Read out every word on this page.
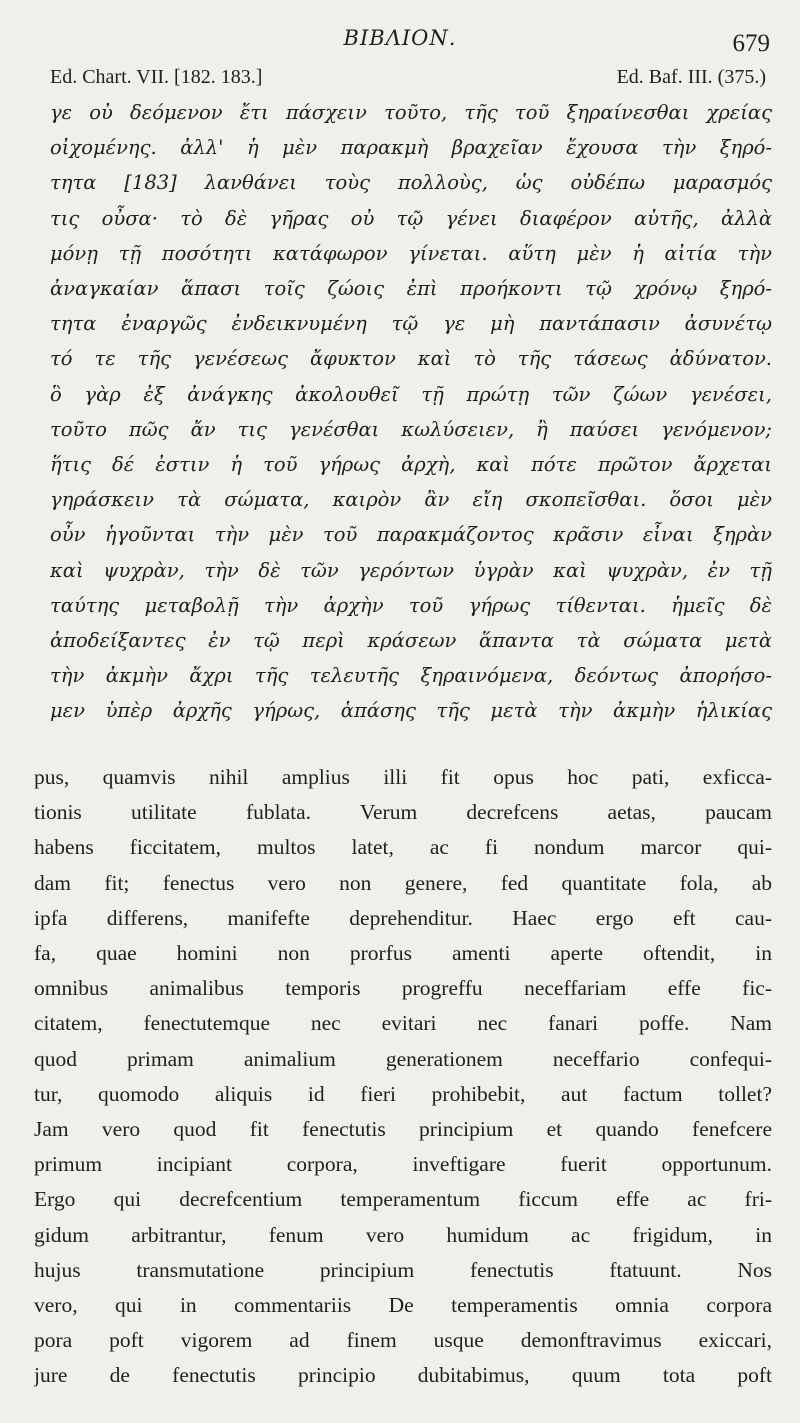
ΒΙΒΛΙΟΝ.	679
Ed. Chart. VII. [182. 183.]	Ed. Baf. III. (375.)
γε οὐ δεόμενον ἔτι πάσχειν τοῦτο, τῆς τοῦ ξηραίνεσθαι χρείας
οἰχομένης. ἀλλ' ἡ μὲν παρακμὴ βραχεῖαν ἔχουσα τὴν ξηρό-
τητα [183] λανθάνει τοὺς πολλοὺς, ὡς οὐδέπω μαρασμός
τις οὖσα· τὸ δὲ γῆρας οὐ τῷ γένει διαφέρον αὐτῆς, ἀλλὰ
μόνῃ τῇ ποσότητι κατάφωρον γίνεται. αὕτη μὲν ἡ αἰτία τὴν
ἀναγκαίαν ἅπασι τοῖς ζώοις ἐπὶ προήκοντι τῷ χρόνῳ ξηρό-
τητα ἐναργῶς ἐνδεικνυμένη τῷ γε μὴ παντάπασιν ἀσυνέτῳ
τό τε τῆς γενέσεως ἄφυκτον καὶ τὸ τῆς τάσεως ἀδύνατον.
ὃ γὰρ ἐξ ἀνάγκης ἀκολουθεῖ τῇ πρώτῃ τῶν ζώων γενέσει,
τοῦτο πῶς ἄν τις γενέσθαι κωλύσειεν, ἢ παύσει γενόμενον;
ἥτις δέ ἐστιν ἡ τοῦ γήρως ἀρχὴ, καὶ πότε πρῶτον ἄρχεται
γηράσκειν τὰ σώματα, καιρὸν ἂν εἴη σκοπεῖσθαι. ὅσοι μὲν
οὖν ἡγοῦνται τὴν μὲν τοῦ παρακμάζοντος κρᾶσιν εἶναι ξηρὰν
καὶ ψυχρὰν, τὴν δὲ τῶν γερόντων ὑγρὰν καὶ ψυχρὰν, ἐν τῇ
ταύτης μεταβολῇ τὴν ἀρχὴν τοῦ γήρως τίθενται. ἡμεῖς δὲ
ἀποδείξαντες ἐν τῷ περὶ κράσεων ἅπαντα τὰ σώματα μετὰ
τὴν ἀκμὴν ἄχρι τῆς τελευτῆς ξηραινόμενα, δεόντως ἀπορήσο-
μεν ὑπὲρ ἀρχῆς γήρως, ἁπάσης τῆς μετὰ τὴν ἀκμὴν ἡλικίας
pus, quamvis nihil amplius illi fit opus hoc pati, exficca-
tionis utilitate fublata. Verum decrefcens aetas, paucam
habens ficcitatem, multos latet, ac fi nondum marcor qui-
dam fit; fenectus vero non genere, fed quantitate fola, ab
ipfa differens, manifefte deprehenditur. Haec ergo eft cau-
fa, quae homini non prorfus amenti aperte oftendit, in
omnibus animalibus temporis progreffu neceffariam effe fic-
citatem, fenectutemque nec evitari nec fanari poffe. Nam
quod primam animalium generationem neceffario confequi-
tur, quomodo aliquis id fieri prohibebit, aut factum tollet?
Jam vero quod fit fenectutis principium et quando fenefcere
primum incipiant corpora, inveftigare fuerit opportunum.
Ergo qui decrefcentium temperamentum ficcum effe ac fri-
gidum arbitrantur, fenum vero humidum ac frigidum, in
hujus transmutatione principium fenectutis ftatuunt. Nos
vero, qui in commentariis De temperamentis omnia corpora
pora poft vigorem ad finem usque demonftravimus exiccari,
jure de fenectutis principio dubitabimus, quum tota poft
